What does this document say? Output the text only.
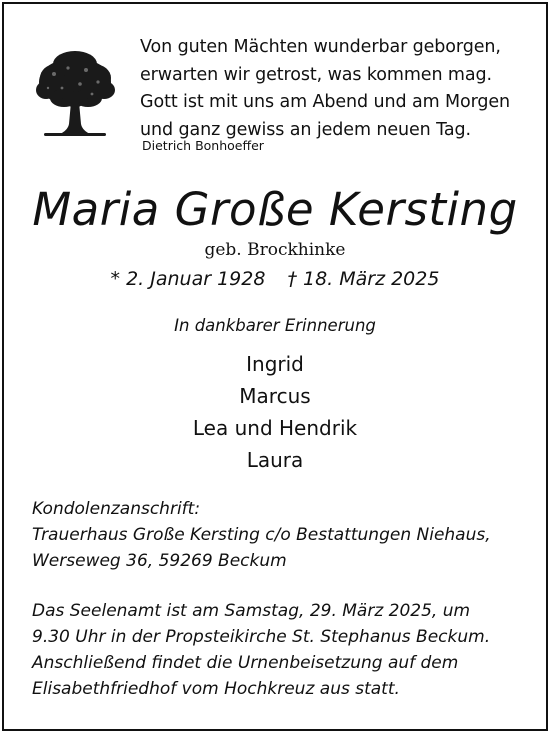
Von guten Mächten wunderbar geborgen,
erwarten wir getrost, was kommen mag.
Gott ist mit uns am Abend und am Morgen
und ganz gewiss an jedem neuen Tag.
Dietrich Bonhoeffer
Maria Große Kersting
geb. Brockhinke
* 2. Januar 1928 † 18. März 2025
In dankbarer Erinnerung
Ingrid
Marcus
Lea und Hendrik
Laura
Kondolenzanschrift:
Trauerhaus Große Kersting c/o Bestattungen Niehaus,
Werseweg 36, 59269 Beckum
Das Seelenamt ist am Samstag, 29. März 2025, um
9.30 Uhr in der Propsteikirche St. Stephanus Beckum.
Anschließend findet die Urnenbeisetzung auf dem
Elisabethfriedhof vom Hochkreuz aus statt.
